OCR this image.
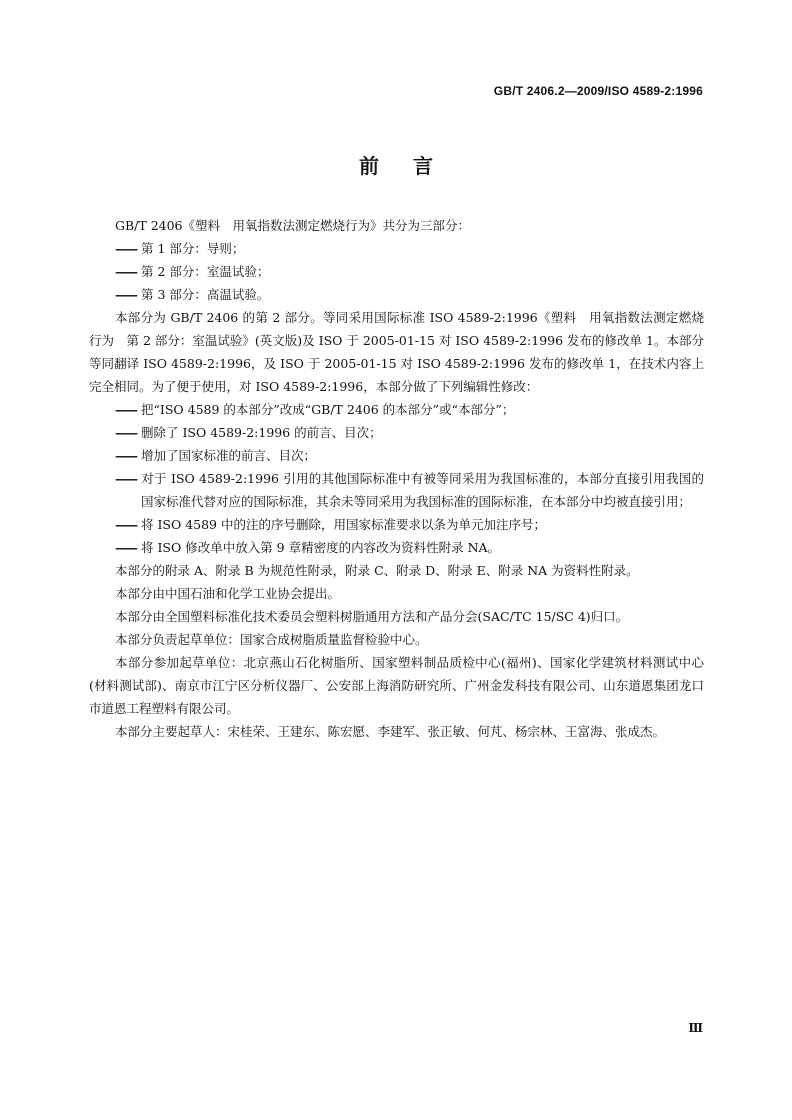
GB/T 2406.2—2009/ISO 4589-2:1996
前言

GB/T 2406《塑料　用氧指数法测定燃烧行为》共分为三部分：

—— 第 1 部分：导则；
—— 第 2 部分：室温试验；
—— 第 3 部分：高温试验。

本部分为 GB/T 2406 的第 2 部分。等同采用国际标准 ISO 4589-2:1996《塑料　用氧指数法测定燃烧行为　第 2 部分：室温试验》(英文版)及 ISO 于 2005-01-15 对 ISO 4589-2:1996 发布的修改单 1。本部分等同翻译 ISO 4589-2:1996，及 ISO 于 2005-01-15 对 ISO 4589-2:1996 发布的修改单 1，在技术内容上完全相同。为了便于使用，对 ISO 4589-2:1996，本部分做了下列编辑性修改：

—— 把“ISO 4589 的本部分”改成“GB/T 2406 的本部分”或“本部分”；
—— 删除了 ISO 4589-2:1996 的前言、目次；
—— 增加了国家标准的前言、目次；
—— 对于 ISO 4589-2:1996 引用的其他国际标准中有被等同采用为我国标准的，本部分直接引用我国的国家标准代替对应的国际标准，其余未等同采用为我国标准的国际标准，在本部分中均被直接引用；
—— 将 ISO 4589 中的注的序号删除，用国家标准要求以条为单元加注序号；
—— 将 ISO 修改单中放入第 9 章精密度的内容改为资料性附录 NA。

本部分的附录 A、附录 B 为规范性附录，附录 C、附录 D、附录 E、附录 NA 为资料性附录。

本部分由中国石油和化学工业协会提出。

本部分由全国塑料标准化技术委员会塑料树脂通用方法和产品分会(SAC/TC 15/SC 4)归口。

本部分负责起草单位：国家合成树脂质量监督检验中心。

本部分参加起草单位：北京燕山石化树脂所、国家塑料制品质检中心(福州)、国家化学建筑材料测试中心(材料测试部)、南京市江宁区分析仪器厂、公安部上海消防研究所、广州金发科技有限公司、山东道恩集团龙口市道恩工程塑料有限公司。

本部分主要起草人：宋桂荣、王建东、陈宏愿、李建军、张正敏、何芃、杨宗林、王富海、张成杰。

Ⅲ
